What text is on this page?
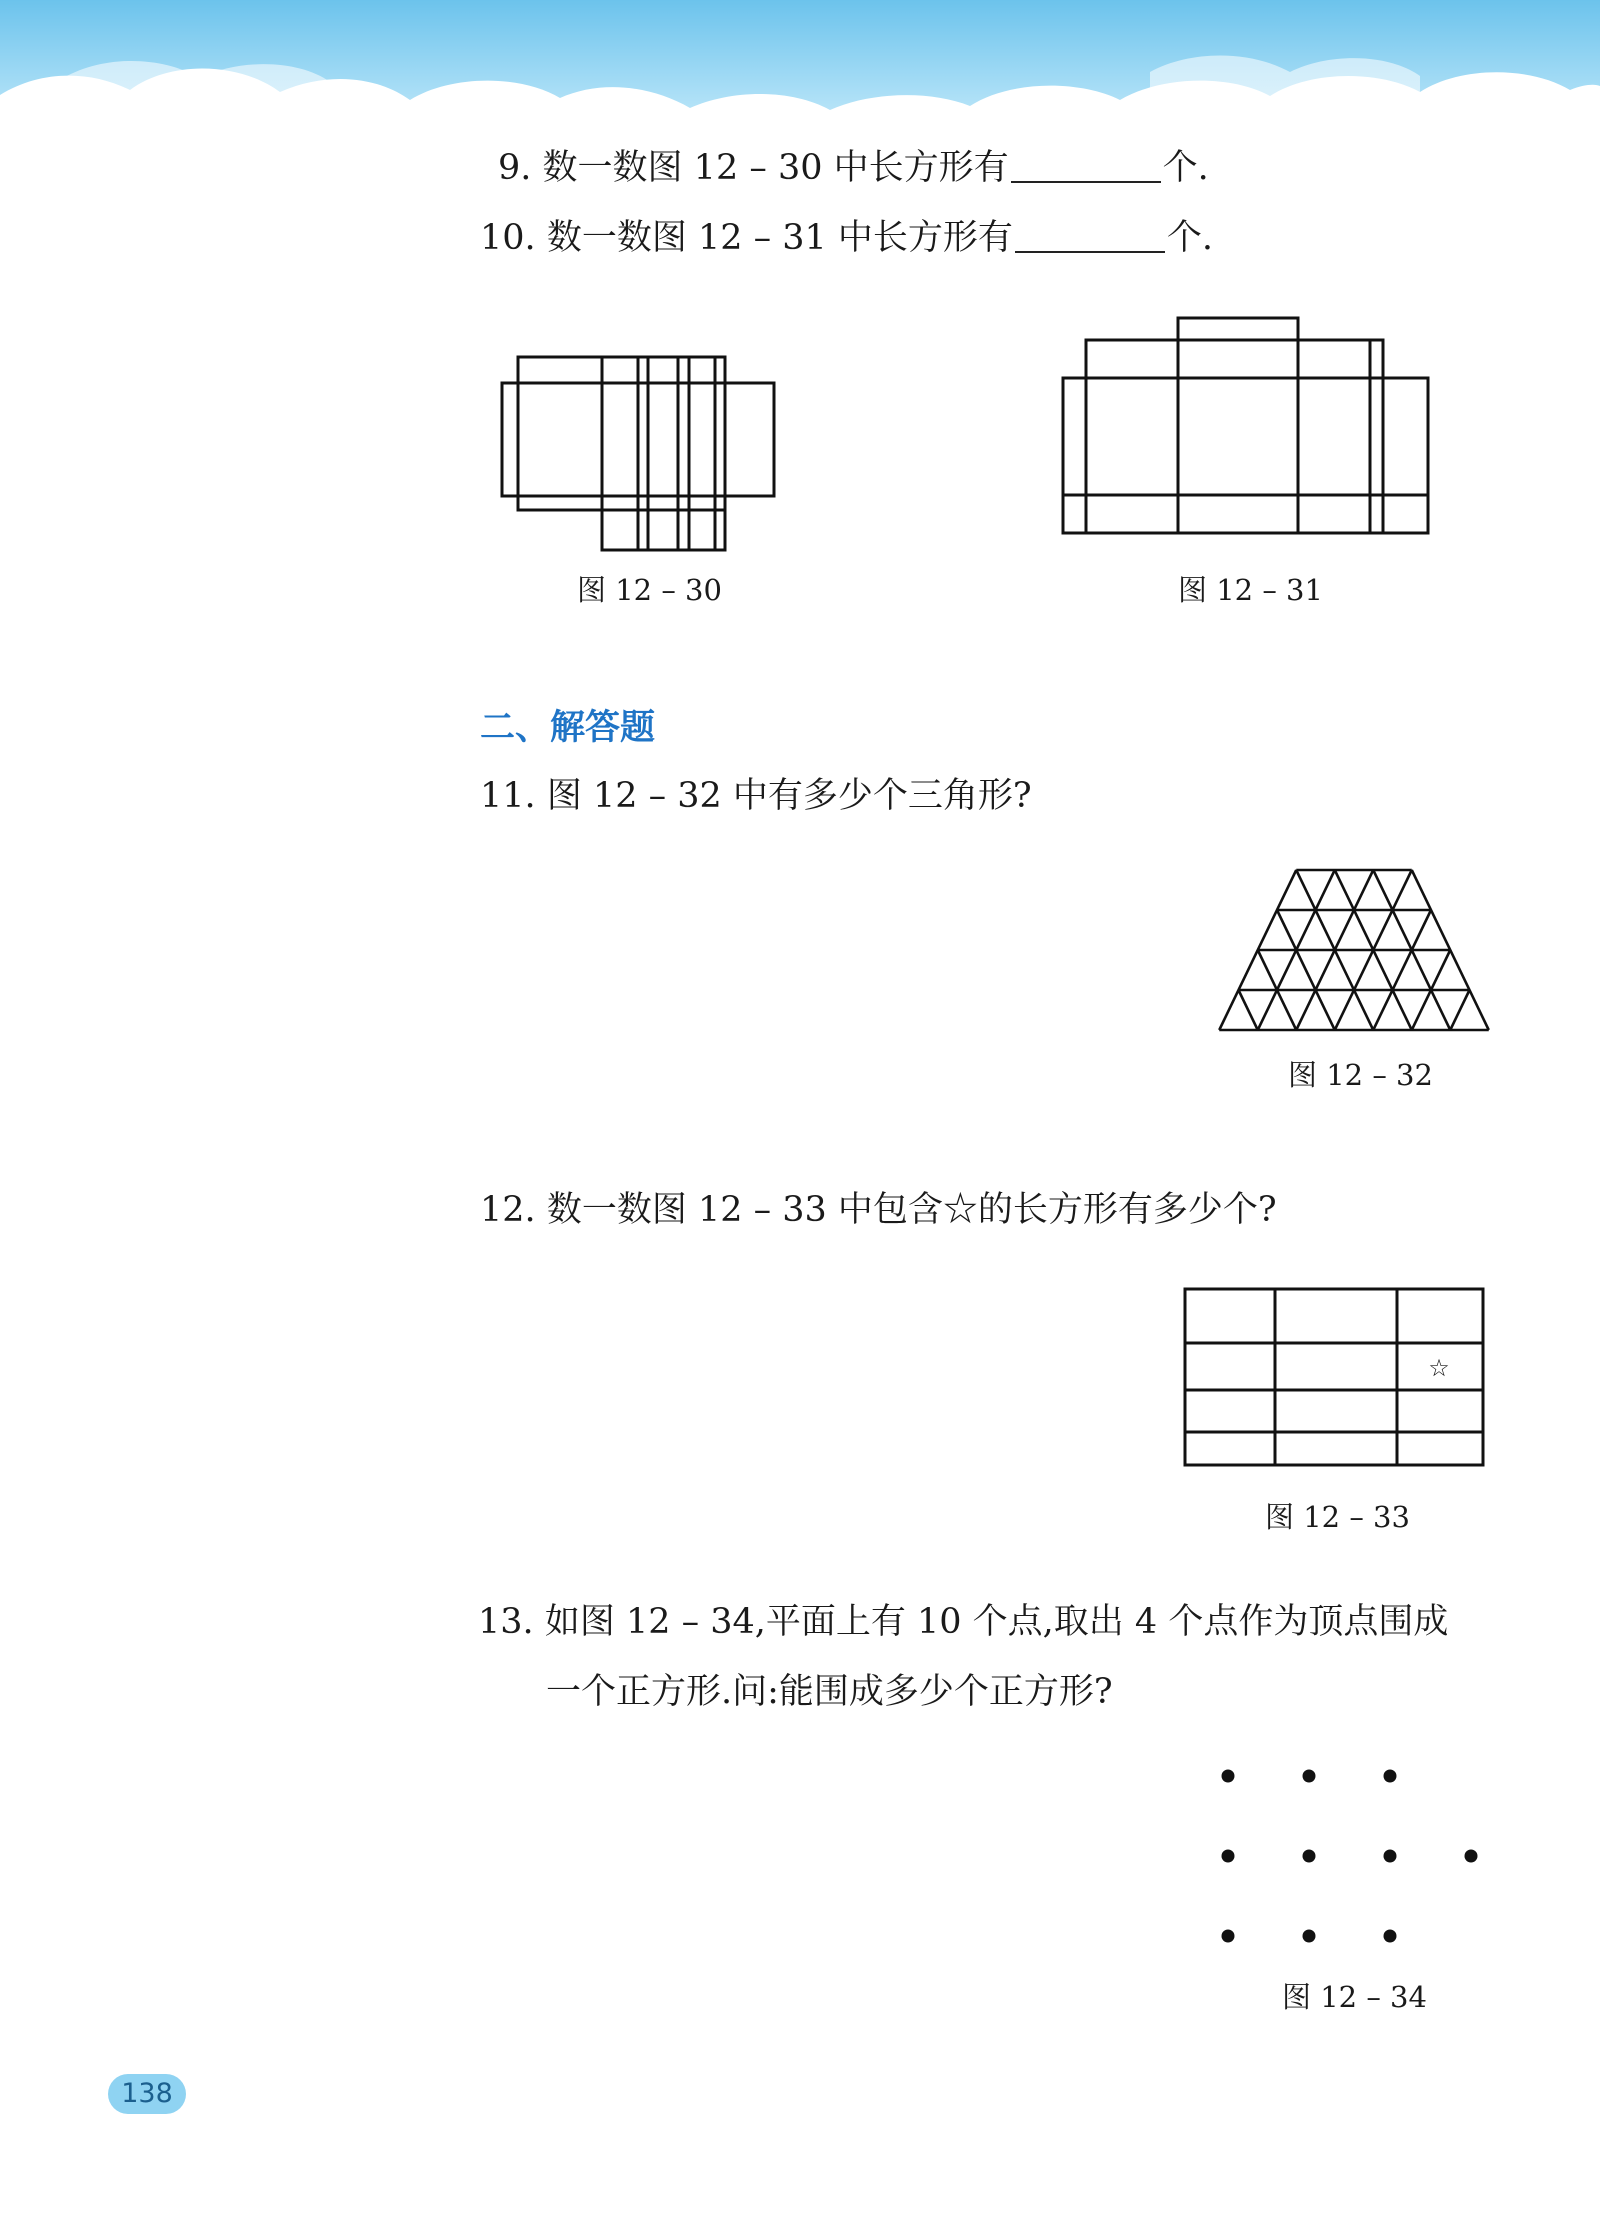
9. 数一数图 12 – 30 中长方形有	个.
10. 数一数图 12 – 31 中长方形有	个.
图 12 – 30	图 12 – 31
二、解答题
11. 图 12 – 32 中有多少个三角形?
图 12 – 32
12. 数一数图 12 – 33 中包含☆的长方形有多少个?
☆
图 12 – 33
13. 如图 12 – 34,平面上有 10 个点,取出 4 个点作为顶点围成
一个正方形.问:能围成多少个正方形?
图 12 – 34
138
